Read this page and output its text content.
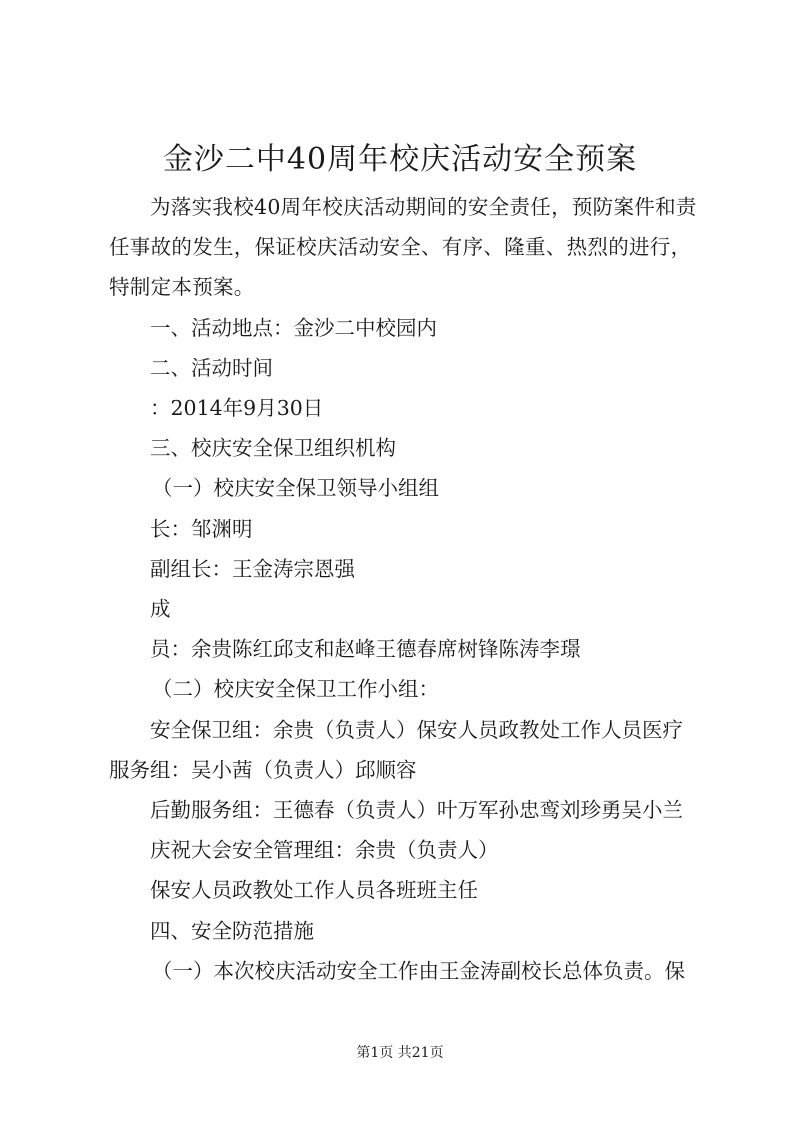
金沙二中40周年校庆活动安全预案

为落实我校40周年校庆活动期间的安全责任，预防案件和责任事故的发生，保证校庆活动安全、有序、隆重、热烈的进行，特制定本预案。

一、活动地点：金沙二中校园内

二、活动时间

：2014年9月30日

三、校庆安全保卫组织机构

（一）校庆安全保卫领导小组组

长：邹渊明

副组长：王金涛宗恩强

成

员：余贵陈红邱支和赵峰王德春席树锋陈涛李璟

（二）校庆安全保卫工作小组：

安全保卫组：余贵（负责人）保安人员政教处工作人员医疗

服务组：吴小茜（负责人）邱顺容

后勤服务组：王德春（负责人）叶万军孙忠鸾刘珍勇吴小兰

庆祝大会安全管理组：余贵（负责人）

保安人员政教处工作人员各班班主任

四、安全防范措施

（一）本次校庆活动安全工作由王金涛副校长总体负责。保

第1页 共21页
